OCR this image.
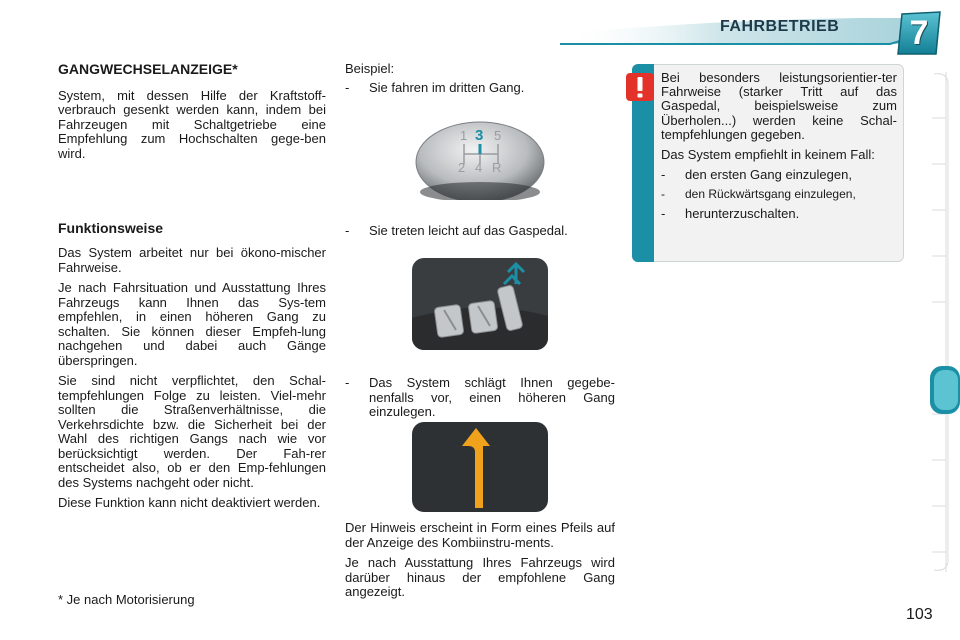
FAHRBETRIEB	7
GANGWECHSELANZEIGE*

System, mit dessen Hilfe der Kraftstoff-verbrauch gesenkt werden kann, indem bei Fahrzeugen mit Schaltgetriebe eine Empfehlung zum Hochschalten gege-ben wird.

Funktionsweise

Das System arbeitet nur bei ökono-mischer Fahrweise.

Je nach Fahrsituation und Ausstattung Ihres Fahrzeugs kann Ihnen das Sys-tem empfehlen, in einen höheren Gang zu schalten. Sie können dieser Empfeh-lung nachgehen und dabei auch Gänge überspringen.

Sie sind nicht verpflichtet, den Schal-tempfehlungen Folge zu leisten. Viel-mehr sollten die Straßenverhältnisse, die Verkehrsdichte bzw. die Sicherheit bei der Wahl des richtigen Gangs nach wie vor berücksichtigt werden. Der Fah-rer entscheidet also, ob er den Emp-fehlungen des Systems nachgeht oder nicht.

Diese Funktion kann nicht deaktiviert werden.

* Je nach Motorisierung

Beispiel:

-	Sie fahren im dritten Gang.
1 3 5
2 4 R
-	Sie treten leicht auf das Gaspedal.
-	Das System schlägt Ihnen gegebe-nenfalls vor, einen höheren Gang einzulegen.

Der Hinweis erscheint in Form eines Pfeils auf der Anzeige des Kombiinstru-ments.

Je nach Ausstattung Ihres Fahrzeugs wird darüber hinaus der empfohlene Gang angezeigt.

Bei besonders leistungsorientier-ter Fahrweise (starker Tritt auf das Gaspedal, beispielsweise zum Überholen...) werden keine Schal-tempfehlungen gegeben.

Das System empfiehlt in keinem Fall:

-	den ersten Gang einzulegen,
-	den Rückwärtsgang einzulegen,
-	herunterzuschalten.
103
